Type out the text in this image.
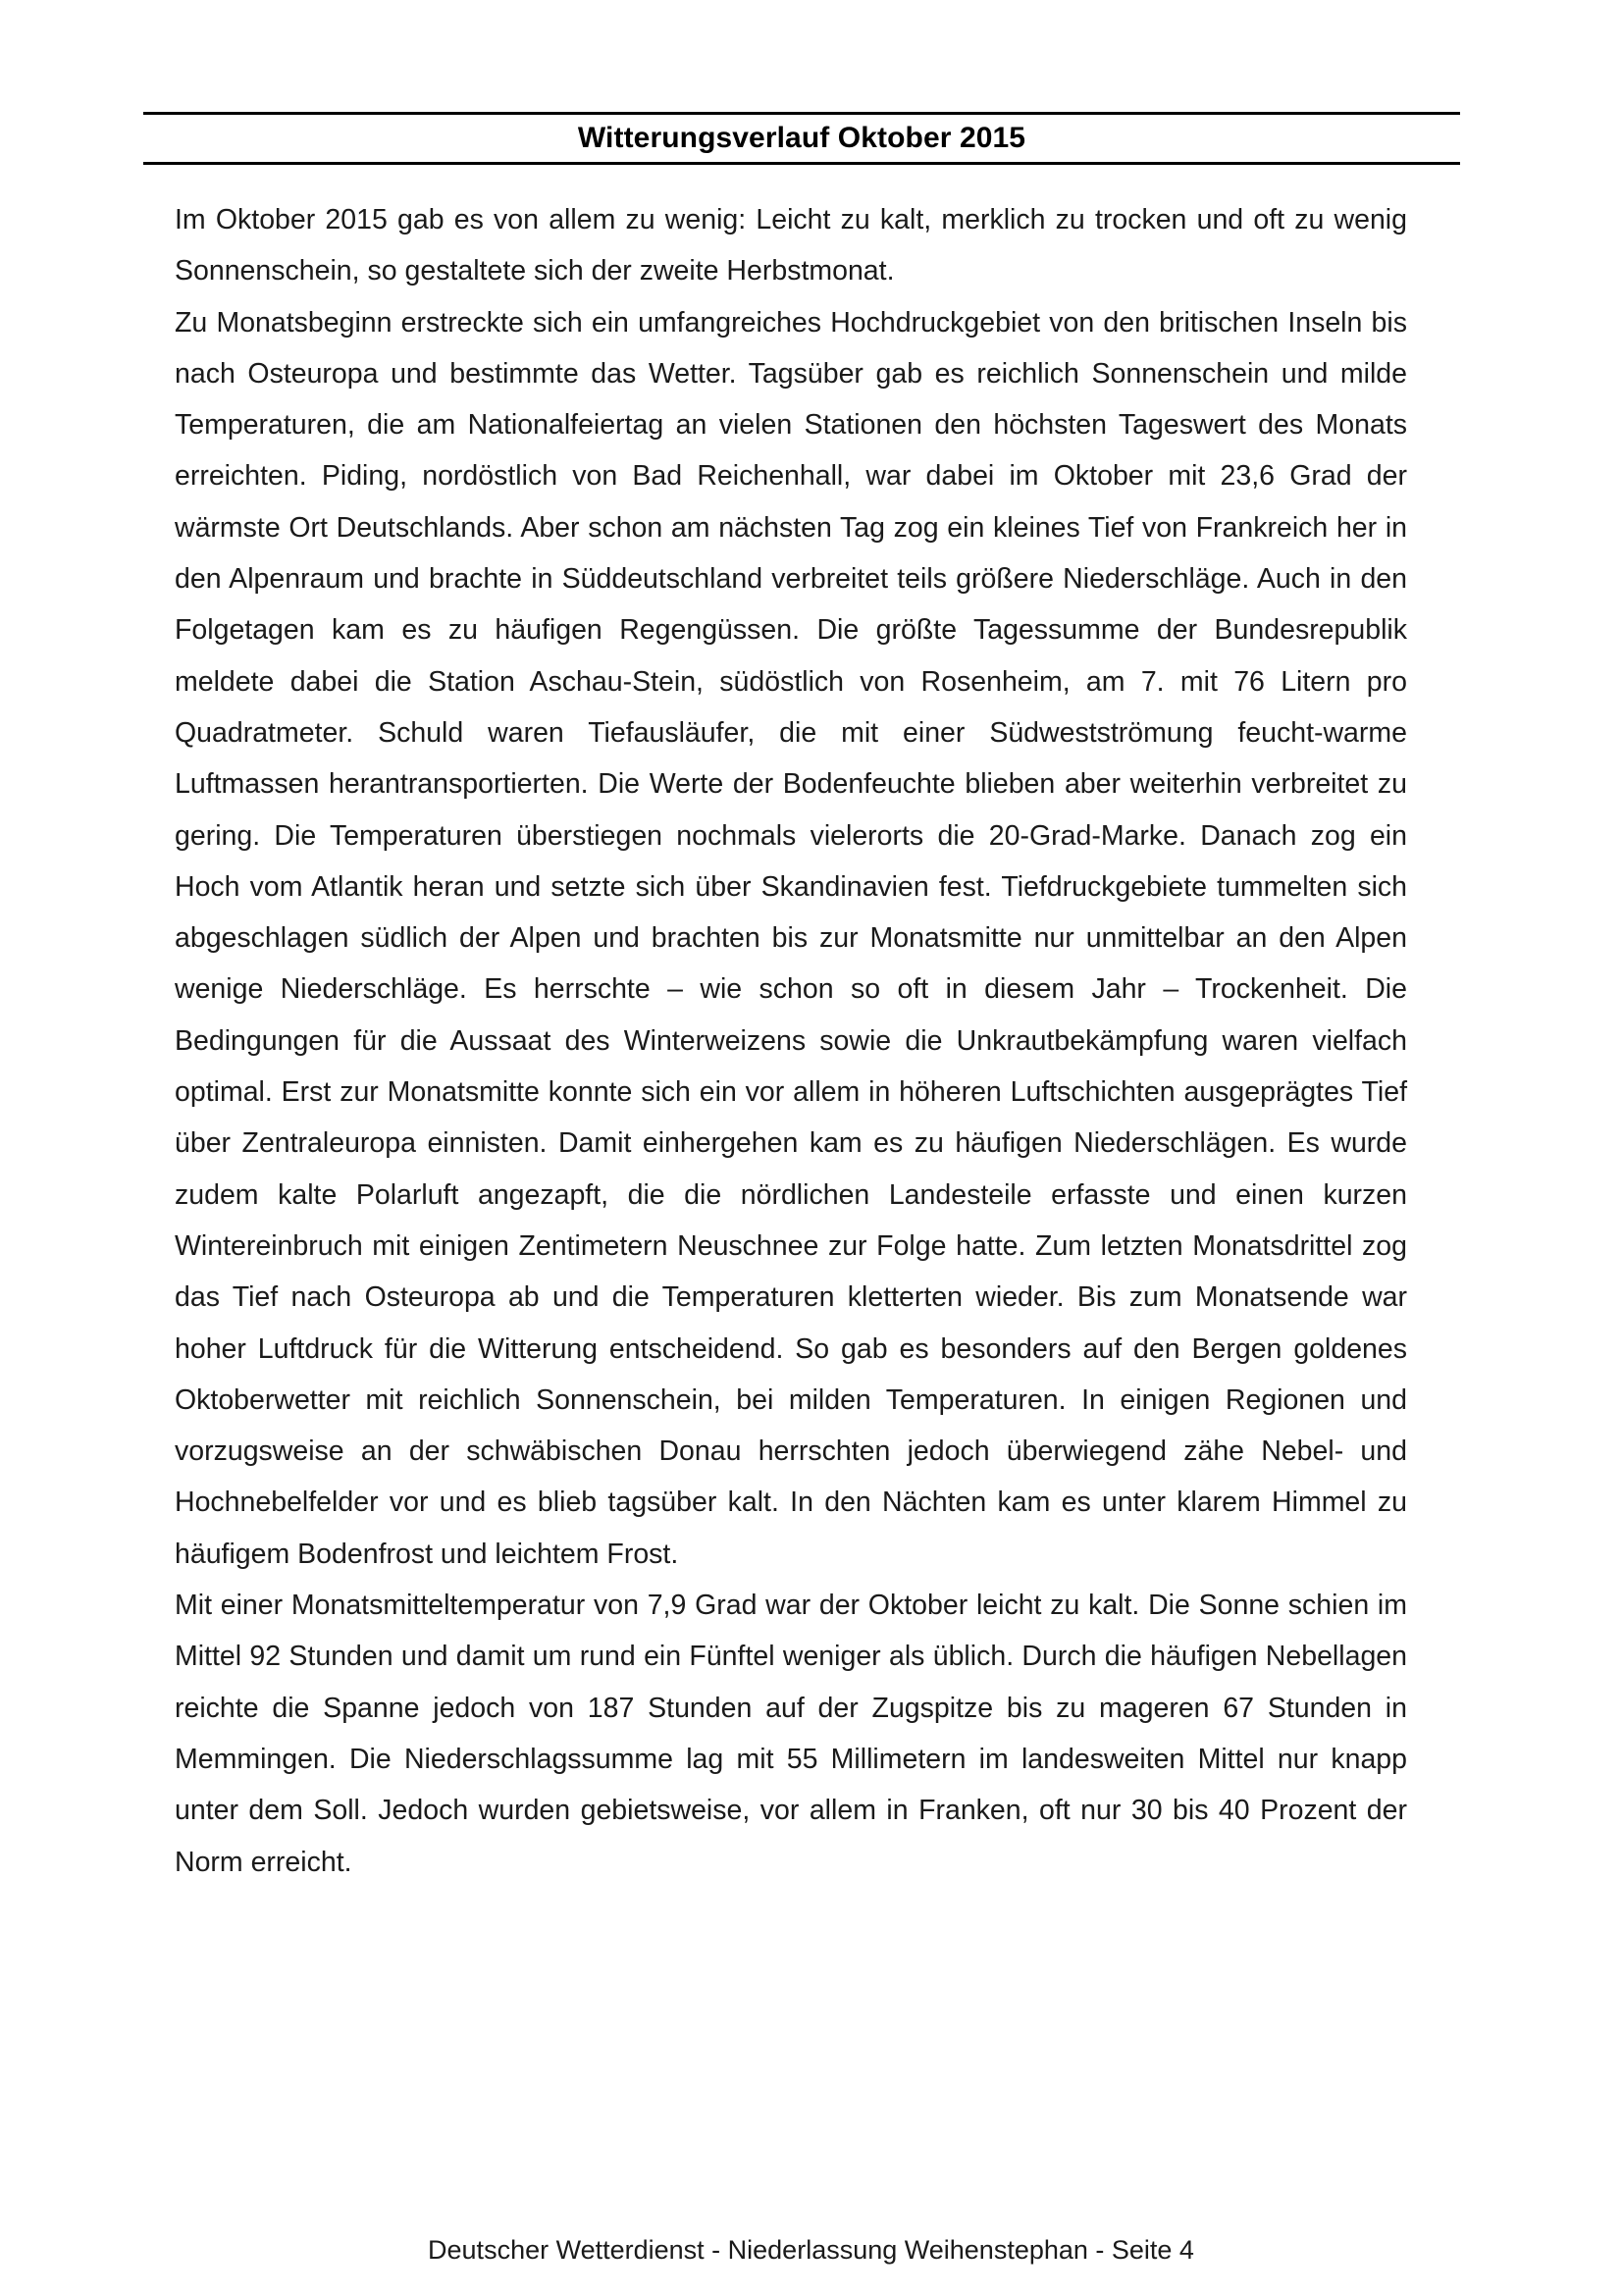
Witterungsverlauf Oktober 2015

Im Oktober 2015 gab es von allem zu wenig: Leicht zu kalt, merklich zu trocken und oft zu wenig Sonnenschein, so gestaltete sich der zweite Herbstmonat.

Zu Monatsbeginn erstreckte sich ein umfangreiches Hochdruckgebiet von den britischen Inseln bis nach Osteuropa und bestimmte das Wetter. Tagsüber gab es reichlich Sonnenschein und milde Temperaturen, die am Nationalfeiertag an vielen Stationen den höchsten Tageswert des Monats erreichten. Piding, nordöstlich von Bad Reichenhall, war dabei im Oktober mit 23,6 Grad der wärmste Ort Deutschlands. Aber schon am nächsten Tag zog ein kleines Tief von Frankreich her in den Alpenraum und brachte in Süddeutschland verbreitet teils größere Niederschläge. Auch in den Folgetagen kam es zu häufigen Regengüssen. Die größte Tagessumme der Bundesrepublik meldete dabei die Station Aschau-Stein, südöstlich von Rosenheim, am 7. mit 76 Litern pro Quadratmeter. Schuld waren Tiefausläufer, die mit einer Südwestströmung feucht-warme Luftmassen herantransportierten. Die Werte der Bodenfeuchte blieben aber weiterhin verbreitet zu gering. Die Temperaturen überstiegen nochmals vielerorts die 20-Grad-Marke. Danach zog ein Hoch vom Atlantik heran und setzte sich über Skandinavien fest. Tiefdruckgebiete tummelten sich abgeschlagen südlich der Alpen und brachten bis zur Monatsmitte nur unmittelbar an den Alpen wenige Niederschläge. Es herrschte – wie schon so oft in diesem Jahr – Trockenheit. Die Bedingungen für die Aussaat des Winterweizens sowie die Unkrautbekämpfung waren vielfach optimal. Erst zur Monatsmitte konnte sich ein vor allem in höheren Luftschichten ausgeprägtes Tief über Zentraleuropa einnisten. Damit einhergehen kam es zu häufigen Niederschlägen. Es wurde zudem kalte Polarluft angezapft, die die nördlichen Landesteile erfasste und einen kurzen Wintereinbruch mit einigen Zentimetern Neuschnee zur Folge hatte. Zum letzten Monatsdrittel zog das Tief nach Osteuropa ab und die Temperaturen kletterten wieder. Bis zum Monatsende war hoher Luftdruck für die Witterung entscheidend. So gab es besonders auf den Bergen goldenes Oktoberwetter mit reichlich Sonnenschein, bei milden Temperaturen. In einigen Regionen und vorzugsweise an der schwäbischen Donau herrschten jedoch überwiegend zähe Nebel- und Hochnebelfelder vor und es blieb tagsüber kalt. In den Nächten kam es unter klarem Himmel zu häufigem Bodenfrost und leichtem Frost.

Mit einer Monatsmitteltemperatur von 7,9 Grad war der Oktober leicht zu kalt. Die Sonne schien im Mittel 92 Stunden und damit um rund ein Fünftel weniger als üblich. Durch die häufigen Nebellagen reichte die Spanne jedoch von 187 Stunden auf der Zugspitze bis zu mageren 67 Stunden in Memmingen. Die Niederschlagssumme lag mit 55 Millimetern im landesweiten Mittel nur knapp unter dem Soll. Jedoch wurden gebietsweise, vor allem in Franken, oft nur 30 bis 40 Prozent der Norm erreicht.

Deutscher Wetterdienst - Niederlassung Weihenstephan - Seite 4
